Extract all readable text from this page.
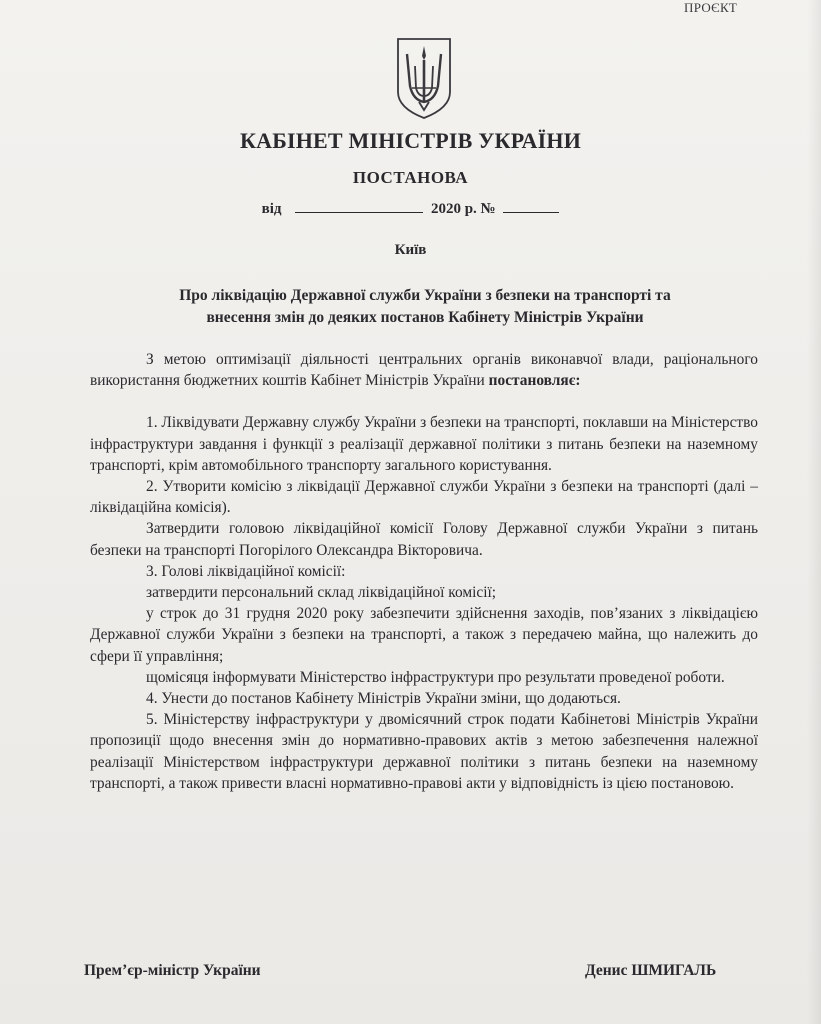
ПРОЄКТ
КАБІНЕТ МІНІСТРІВ УКРАЇНИ
ПОСТАНОВА
від	2020 р. №
Київ
Про ліквідацію Державної служби України з безпеки на транспорті та
внесення змін до деяких постанов Кабінету Міністрів України

З метою оптимізації діяльності центральних органів виконавчої влади, раціонального використання бюджетних коштів Кабінет Міністрів України постановляє:

1. Ліквідувати Державну службу України з безпеки на транспорті, поклавши на Міністерство інфраструктури завдання і функції з реалізації державної політики з питань безпеки на наземному транспорті, крім автомобільного транспорту загального користування.

2. Утворити комісію з ліквідації Державної служби України з безпеки на транспорті (далі – ліквідаційна комісія).

Затвердити головою ліквідаційної комісії Голову Державної служби України з питань безпеки на транспорті Погорілого Олександра Вікторовича.

3. Голові ліквідаційної комісії:

затвердити персональний склад ліквідаційної комісії;

у строк до 31 грудня 2020 року забезпечити здійснення заходів, пов’язаних з ліквідацією Державної служби України з безпеки на транспорті, а також з передачею майна, що належить до сфери її управління;

щомісяця інформувати Міністерство інфраструктури про результати проведеної роботи.

4. Унести до постанов Кабінету Міністрів України зміни, що додаються.

5. Міністерству інфраструктури у двомісячний строк подати Кабінетові Міністрів України пропозиції щодо внесення змін до нормативно-правових актів з метою забезпечення належної реалізації Міністерством інфраструктури державної політики з питань безпеки на наземному транспорті, а також привести власні нормативно-правові акти у відповідність із цією постановою.

Прем’єр-міністр України	Денис ШМИГАЛЬ
